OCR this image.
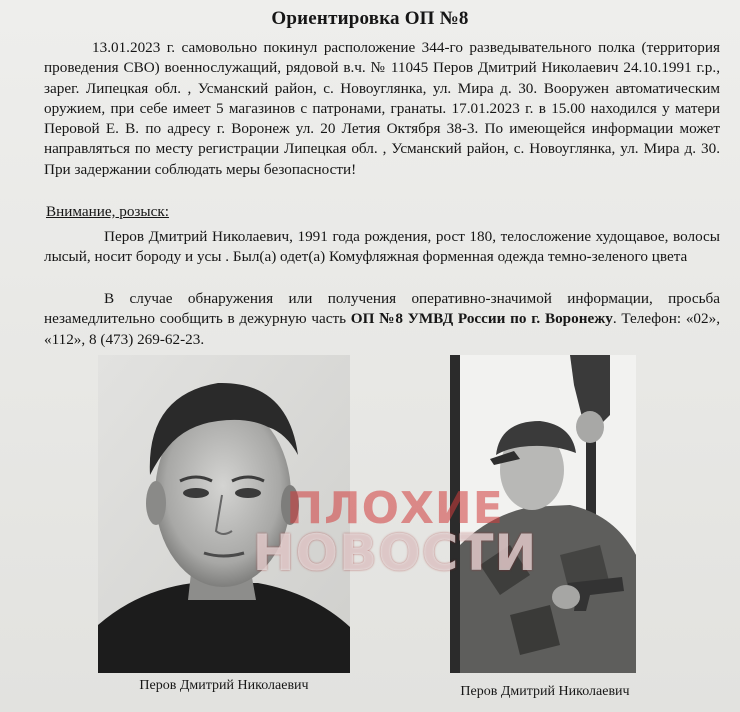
Ориентировка ОП №8
13.01.2023 г. самовольно покинул расположение 344-го разведывательного полка (территория проведения СВО) военнослужащий, рядовой в.ч. № 11045 Перов Дмитрий Николаевич 24.10.1991 г.р., зарег. Липецкая обл. , Усманский район, с. Новоуглянка, ул. Мира д. 30. Вооружен автоматическим оружием, при себе имеет 5 магазинов с патронами, гранаты. 17.01.2023 г. в 15.00 находился у матери Перовой Е. В. по адресу г. Воронеж ул. 20 Летия Октября 38-3. По имеющейся информации может направляться по месту регистрации Липецкая обл. , Усманский район, с. Новоуглянка, ул. Мира д. 30. При задержании соблюдать меры безопасности!
Внимание, розыск:
Перов Дмитрий Николаевич, 1991 года рождения, рост 180, телосложение худощавое, волосы лысый, носит бороду и усы . Был(а) одет(а) Комуфляжная форменная одежда темно-зеленого цвета
В случае обнаружения или получения оперативно-значимой информации, просьба незамедлительно сообщить в дежурную часть ОП №8 УМВД России по г. Воронежу. Телефон: «02», «112», 8 (473) 269-62-23.
ПЛОХИЕ
НОВОСТИ
Перов Дмитрий Николаевич	Перов Дмитрий Николаевич
